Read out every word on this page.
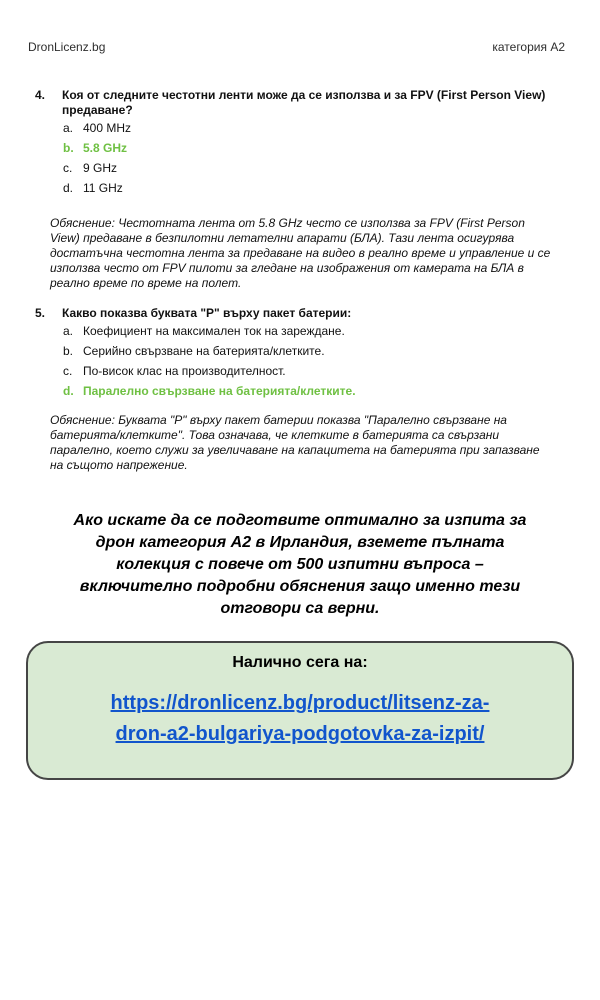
DronLicenz.bg	категория A2
4.	Коя от следните честотни ленти може да се използва и за FPV (First Person View)
предаване?
a. 400 MHz
b. 5.8 GHz
c. 9 GHz
d. 11 GHz

Обяснение: Честотната лента от 5.8 GHz често се използва за FPV (First Person
View) предаване в безпилотни летателни апарати (БЛА). Тази лента осигурява
достатъчна честотна лента за предаване на видео в реално време и управление и се
използва често от FPV пилоти за гледане на изображения от камерата на БЛА в
реално време по време на полет.

5.	Какво показва буквата "P" върху пакет батерии:
a. Коефициент на максимален ток на зареждане.
b. Серийно свързване на батерията/клетките.
c. По-висок клас на производителност.
d. Паралелно свързване на батерията/клетките.

Обяснение: Буквата "P" върху пакет батерии показва "Паралелно свързване на
батерията/клетките". Това означава, че клетките в батерията са свързани
паралелно, което служи за увеличаване на капацитета на батерията при запазване
на същото напрежение.

Ако искате да се подготвите оптимално за изпита за
дрон категория А2 в Ирландия, вземете пълната
колекция с повече от 500 изпитни въпроса –
включително подробни обяснения защо именно тези
отговори са верни.
Налично сега на:
https://dronlicenz.bg/product/litsenz-za-
dron-a2-bulgariya-podgotovka-za-izpit/
